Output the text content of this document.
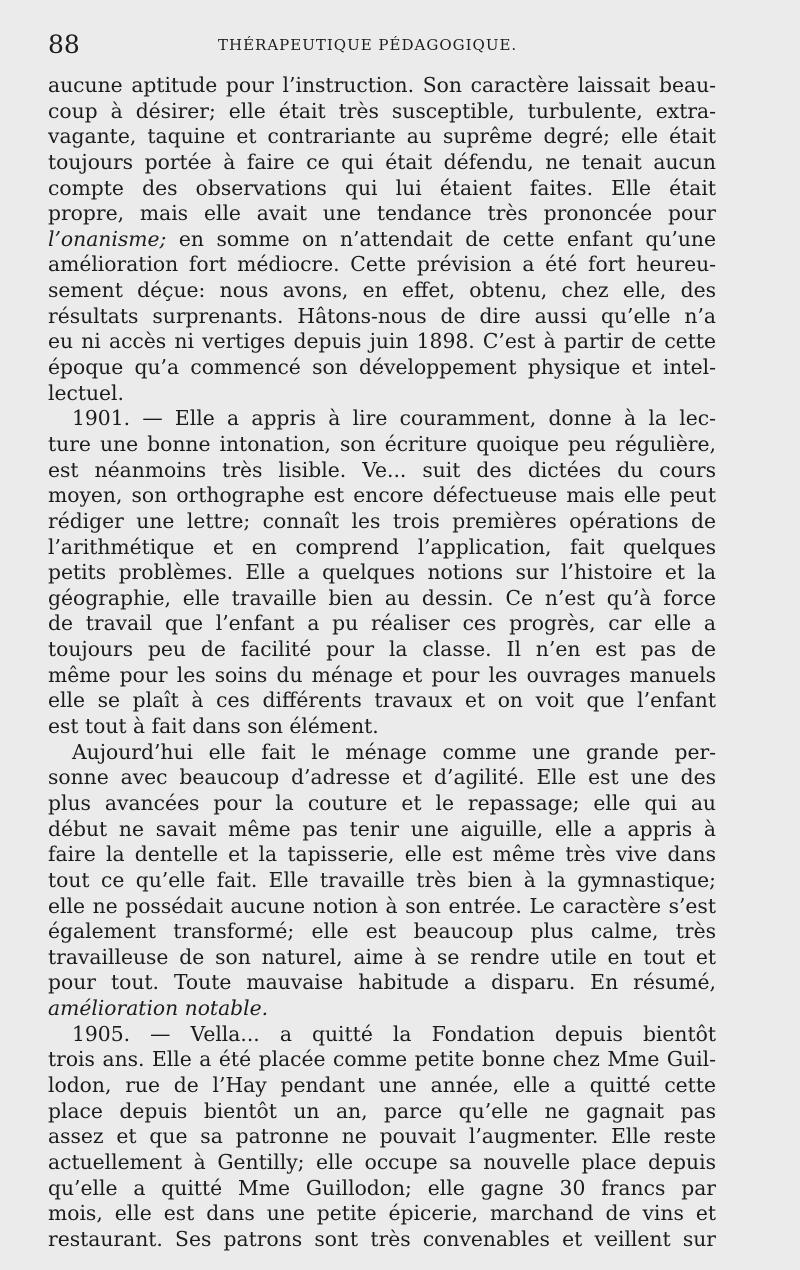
88	THÉRAPEUTIQUE PÉDAGOGIQUE.
aucune aptitude pour l’instruction. Son caractère laissait beau-
coup à désirer; elle était très susceptible, turbulente, extra-
vagante, taquine et contrariante au suprême degré; elle était
toujours portée à faire ce qui était défendu, ne tenait aucun
compte des observations qui lui étaient faites. Elle était
propre, mais elle avait une tendance très prononcée pour
l’onanisme; en somme on n’attendait de cette enfant qu’une
amélioration fort médiocre. Cette prévision a été fort heureu-
sement déçue: nous avons, en effet, obtenu, chez elle, des
résultats surprenants. Hâtons-nous de dire aussi qu’elle n’a
eu ni accès ni vertiges depuis juin 1898. C’est à partir de cette
époque qu’a commencé son développement physique et intel-
lectuel.
1901. — Elle a appris à lire couramment, donne à la lec-
ture une bonne intonation, son écriture quoique peu régulière,
est néanmoins très lisible. Ve... suit des dictées du cours
moyen, son orthographe est encore défectueuse mais elle peut
rédiger une lettre; connaît les trois premières opérations de
l’arithmétique et en comprend l’application, fait quelques
petits problèmes. Elle a quelques notions sur l’histoire et la
géographie, elle travaille bien au dessin. Ce n’est qu’à force
de travail que l’enfant a pu réaliser ces progrès, car elle a
toujours peu de facilité pour la classe. Il n’en est pas de
même pour les soins du ménage et pour les ouvrages manuels
elle se plaît à ces différents travaux et on voit que l’enfant
est tout à fait dans son élément.
Aujourd’hui elle fait le ménage comme une grande per-
sonne avec beaucoup d’adresse et d’agilité. Elle est une des
plus avancées pour la couture et le repassage; elle qui au
début ne savait même pas tenir une aiguille, elle a appris à
faire la dentelle et la tapisserie, elle est même très vive dans
tout ce qu’elle fait. Elle travaille très bien à la gymnastique;
elle ne possédait aucune notion à son entrée. Le caractère s’est
également transformé; elle est beaucoup plus calme, très
travailleuse de son naturel, aime à se rendre utile en tout et
pour tout. Toute mauvaise habitude a disparu. En résumé,
amélioration notable.
1905. — Vella... a quitté la Fondation depuis bientôt
trois ans. Elle a été placée comme petite bonne chez Mme Guil-
lodon, rue de l’Hay pendant une année, elle a quitté cette
place depuis bientôt un an, parce qu’elle ne gagnait pas
assez et que sa patronne ne pouvait l’augmenter. Elle reste
actuellement à Gentilly; elle occupe sa nouvelle place depuis
qu’elle a quitté Mme Guillodon; elle gagne 30 francs par
mois, elle est dans une petite épicerie, marchand de vins et
restaurant. Ses patrons sont très convenables et veillent sur
